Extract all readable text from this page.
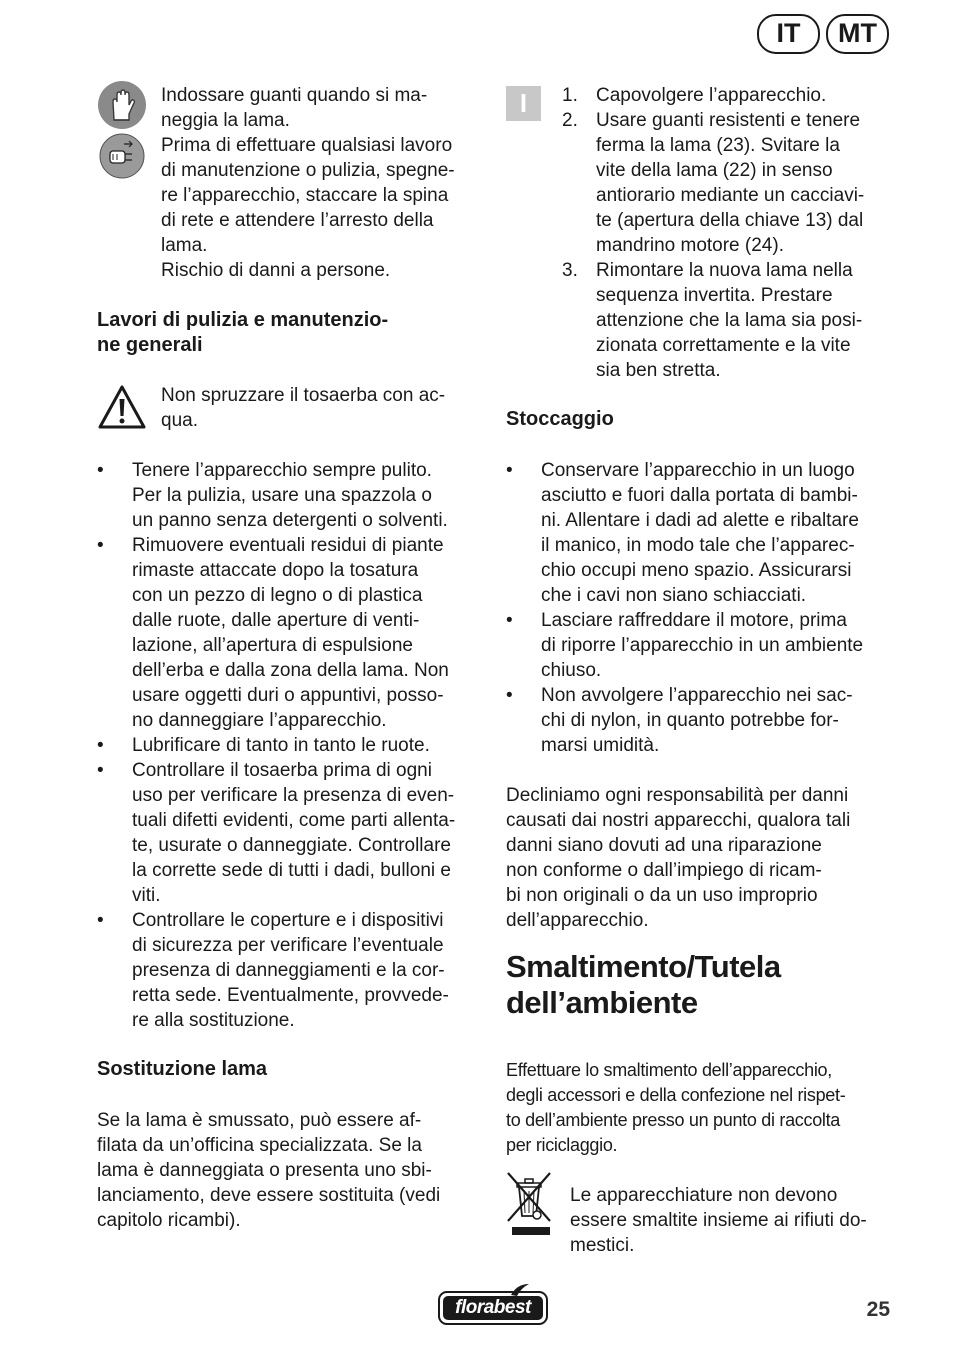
IT	MT
Indossare guanti quando si ma-
neggia la lama.
Prima di effettuare qualsiasi lavoro
di manutenzione o pulizia, spegne-
re l’apparecchio, staccare la spina
di rete e attendere l’arresto della
lama.
Rischio di danni a persone.
Lavori di pulizia e manutenzio-
ne generali
Non spruzzare il tosaerba con ac-
qua.
• Tenere l’apparecchio sempre pulito.
Per la pulizia, usare una spazzola o
un panno senza detergenti o solventi.
• Rimuovere eventuali residui di piante
rimaste attaccate dopo la tosatura
con un pezzo di legno o di plastica
dalle ruote, dalle aperture di venti-
lazione, all’apertura di espulsione
dell’erba e dalla zona della lama. Non
usare oggetti duri o appuntivi, posso-
no danneggiare l’apparecchio.
• Lubrificare di tanto in tanto le ruote.
• Controllare il tosaerba prima di ogni
uso per verificare la presenza di even-
tuali difetti evidenti, come parti allenta-
te, usurate o danneggiate. Controllare
la corrette sede di tutti i dadi, bulloni e
viti.
• Controllare le coperture e i dispositivi
di sicurezza per verificare l’eventuale
presenza di danneggiamenti e la cor-
retta sede. Eventualmente, provvede-
re alla sostituzione.
Sostituzione lama
Se la lama è smussato, può essere af-
filata da un’officina specializzata. Se la
lama è danneggiata o presenta uno sbi-
lanciamento, deve essere sostituita (vedi
capitolo ricambi).
I	1. Capovolgere l’apparecchio.
2. Usare guanti resistenti e tenere
ferma la lama (23). Svitare la
vite della lama (22) in senso
antiorario mediante un cacciavi-
te (apertura della chiave 13) dal
mandrino motore (24).
3. Rimontare la nuova lama nella
sequenza invertita. Prestare
attenzione che la lama sia posi-
zionata correttamente e la vite
sia ben stretta.
Stoccaggio
• Conservare l’apparecchio in un luogo
asciutto e fuori dalla portata di bambi-
ni. Allentare i dadi ad alette e ribaltare
il manico, in modo tale che l’apparec-
chio occupi meno spazio. Assicurarsi
che i cavi non siano schiacciati.
• Lasciare raffreddare il motore, prima
di riporre l’apparecchio in un ambiente
chiuso.
• Non avvolgere l’apparecchio nei sac-
chi di nylon, in quanto potrebbe for-
marsi umidità.
Decliniamo ogni responsabilità per danni
causati dai nostri apparecchi, qualora tali
danni siano dovuti ad una riparazione
non conforme o dall’impiego di ricam-
bi non originali o da un uso improprio
dell’apparecchio.
Smaltimento/Tutela
dell’ambiente
Effettuare lo smaltimento dell’apparecchio,
degli accessori e della confezione nel rispet-
to dell’ambiente presso un punto di raccolta
per riciclaggio.
Le apparecchiature non devono
essere smaltite insieme ai rifiuti do-
mestici.
florabest	25
